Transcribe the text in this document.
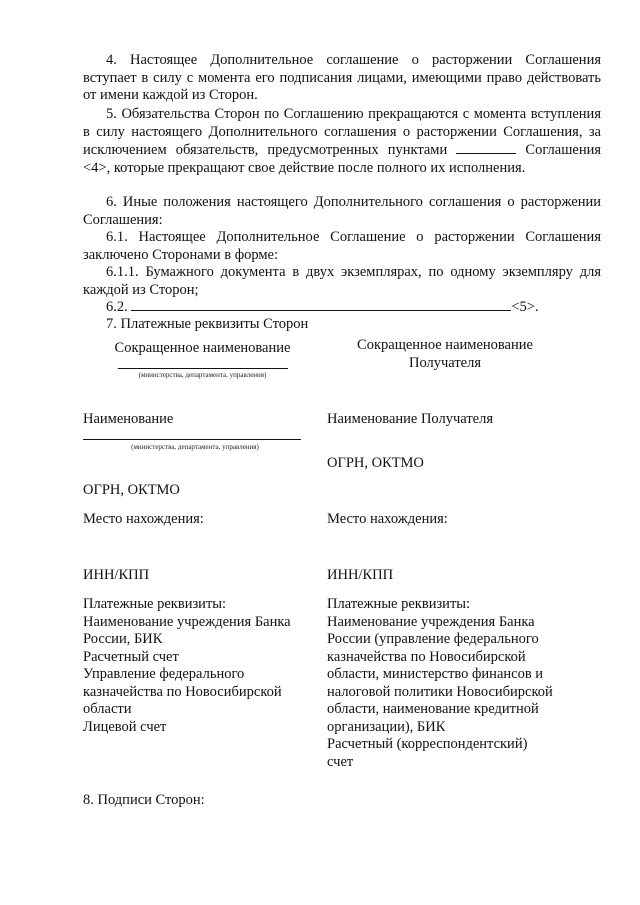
4. Настоящее Дополнительное соглашение о расторжении Соглашения вступает в силу с момента его подписания лицами, имеющими право действовать от имени каждой из Сторон.

5. Обязательства Сторон по Соглашению прекращаются с момента вступления в силу настоящего Дополнительного соглашения о расторжении Соглашения, за исключением обязательств, предусмотренных пунктами	Соглашения <4>, которые прекращают свое действие после полного их исполнения.

6. Иные положения настоящего Дополнительного соглашения о расторжении Соглашения:

6.1. Настоящее Дополнительное Соглашение о расторжении Соглашения заключено Сторонами в форме:

6.1.1. Бумажного документа в двух экземплярах, по одному экземпляру для каждой из Сторон;

6.2.	<5>.

7. Платежные реквизиты Сторон

Сокращенное наименование

(министерства, департамента, управления)

Наименование

(министерства, департамента, управления)

ОГРН, ОКТМО

Место нахождения:

ИНН/КПП

Платежные реквизиты:
Наименование учреждения Банка
России, БИК
Расчетный счет
Управление федерального
казначейства по Новосибирской
области
Лицевой счет
Сокращенное наименование
Получателя

Наименование Получателя

ОГРН, ОКТМО

Место нахождения:

ИНН/КПП

Платежные реквизиты:
Наименование учреждения Банка
России (управление федерального
казначейства по Новосибирской
области, министерство финансов и
налоговой политики Новосибирской
области, наименование кредитной
организации), БИК
Расчетный (корреспондентский)
счет

8. Подписи Сторон:
